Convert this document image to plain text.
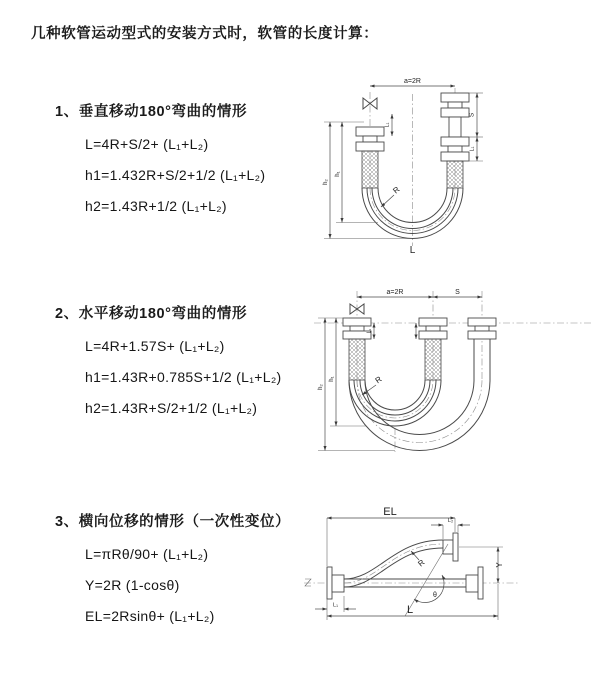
几种软管运动型式的安装方式时，软管的长度计算：
1、垂直移动180°弯曲的情形
L=4R+S/2+ (L₁+L₂)
h1=1.432R+S/2+1/2 (L₁+L₂)
h2=1.43R+1/2 (L₁+L₂)
2、水平移动180°弯曲的情形
L=4R+1.57S+ (L₁+L₂)
h1=1.43R+0.785S+1/2 (L₁+L₂)
h2=1.43R+S/2+1/2 (L₁+L₂)
3、横向位移的情形（一次性变位）
L=πRθ/90+ (L₁+L₂)
Y=2R (1-cosθ)
EL=2Rsinθ+ (L₁+L₂)
a=2R
L₁
S
L₁
h₂
h₁
R
L
a=2R	S
L₁
h₂
h₁	R
θ
R
EL
L₂
Y
L₁	L
